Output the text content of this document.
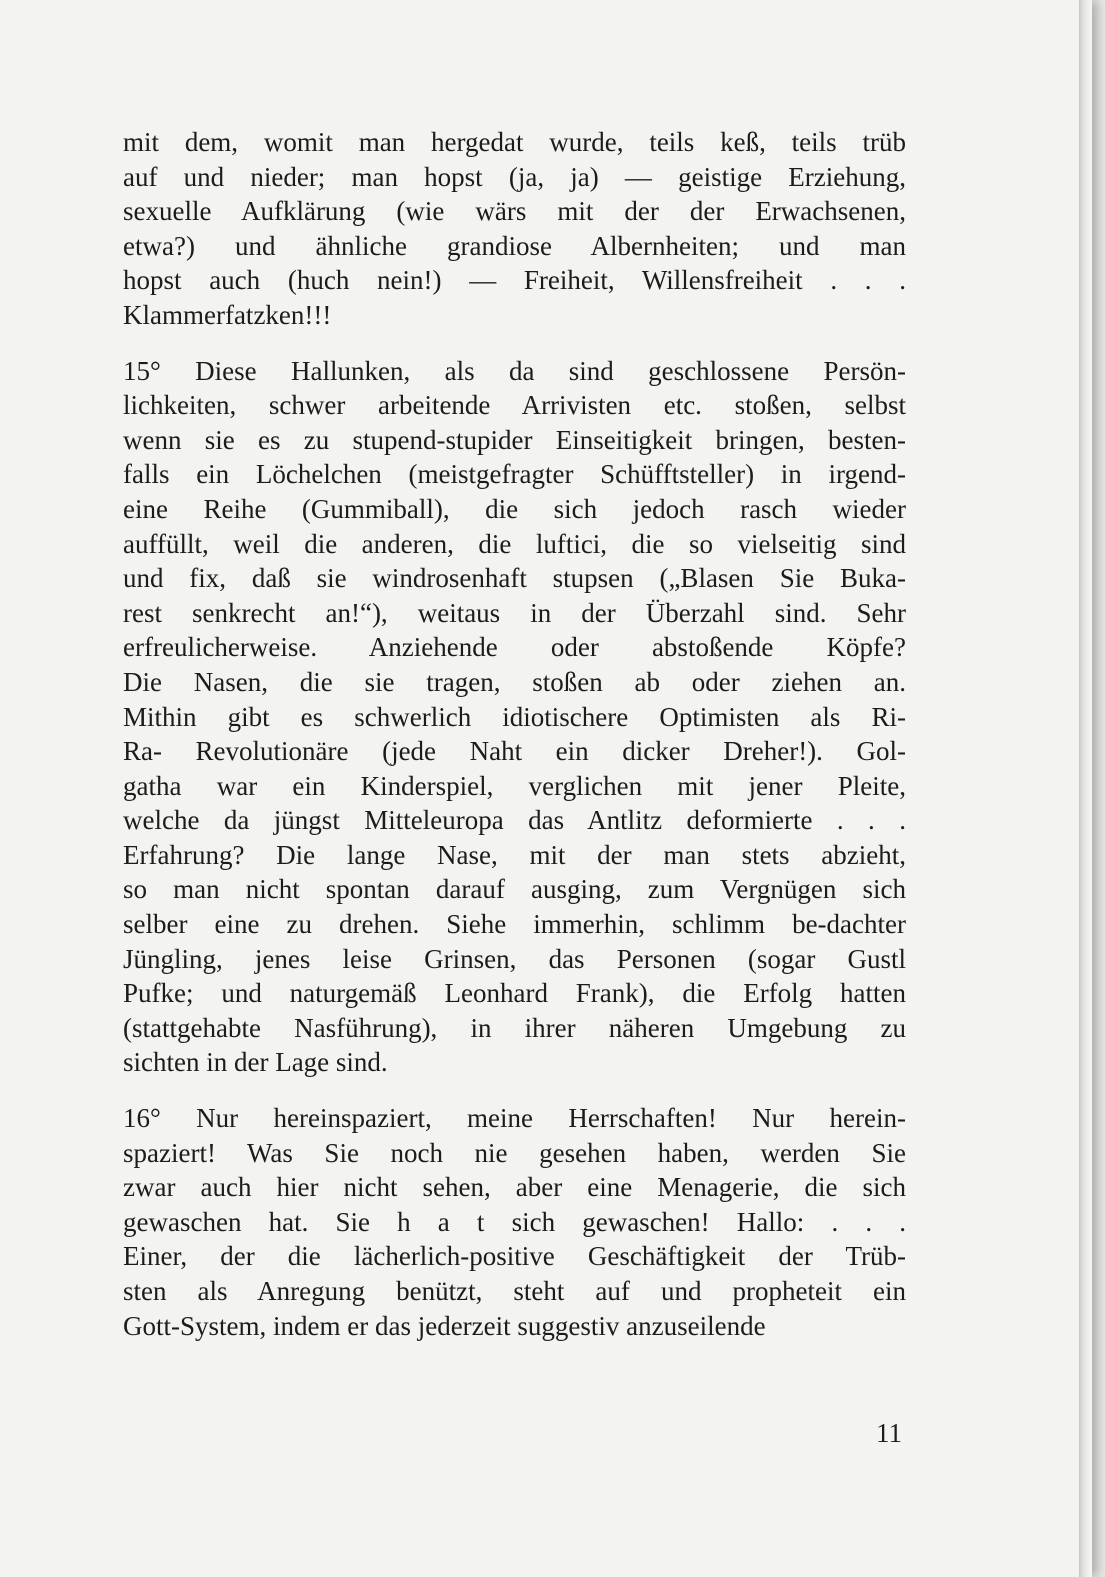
mit dem, womit man hergedat wurde, teils keß, teils trüb
auf und nieder; man hopst (ja, ja) — geistige Erziehung,
sexuelle Aufklärung (wie wärs mit der der Erwachsenen,
etwa?) und ähnliche grandiose Albernheiten; und man
hopst auch (huch nein!) — Freiheit, Willensfreiheit . . .
Klammerfatzken!!!
15° Diese Hallunken, als da sind geschlossene Persön-
lichkeiten, schwer arbeitende Arrivisten etc. stoßen, selbst
wenn sie es zu stupend-stupider Einseitigkeit bringen, besten-
falls ein Löchelchen (meistgefragter Schüfftsteller) in irgend-
eine Reihe (Gummiball), die sich jedoch rasch wieder
auffüllt, weil die anderen, die luftici, die so vielseitig sind
und fix, daß sie windrosenhaft stupsen („Blasen Sie Buka-
rest senkrecht an!“), weitaus in der Überzahl sind. Sehr
erfreulicherweise. Anziehende oder abstoßende Köpfe?
Die Nasen, die sie tragen, stoßen ab oder ziehen an.
Mithin gibt es schwerlich idiotischere Optimisten als Ri-
Ra- Revolutionäre (jede Naht ein dicker Dreher!). Gol-
gatha war ein Kinderspiel, verglichen mit jener Pleite,
welche da jüngst Mitteleuropa das Antlitz deformierte . . .
Erfahrung? Die lange Nase, mit der man stets abzieht,
so man nicht spontan darauf ausging, zum Vergnügen sich
selber eine zu drehen. Siehe immerhin, schlimm be-dachter
Jüngling, jenes leise Grinsen, das Personen (sogar Gustl
Pufke; und naturgemäß Leonhard Frank), die Erfolg hatten
(stattgehabte Nasführung), in ihrer näheren Umgebung zu
sichten in der Lage sind.
16° Nur hereinspaziert, meine Herrschaften! Nur herein-
spaziert! Was Sie noch nie gesehen haben, werden Sie
zwar auch hier nicht sehen, aber eine Menagerie, die sich
gewaschen hat. Sie h a t sich gewaschen! Hallo: . . .
Einer, der die lächerlich-positive Geschäftigkeit der Trüb-
sten als Anregung benützt, steht auf und propheteit ein
Gott-System, indem er das jederzeit suggestiv anzuseilende
11
